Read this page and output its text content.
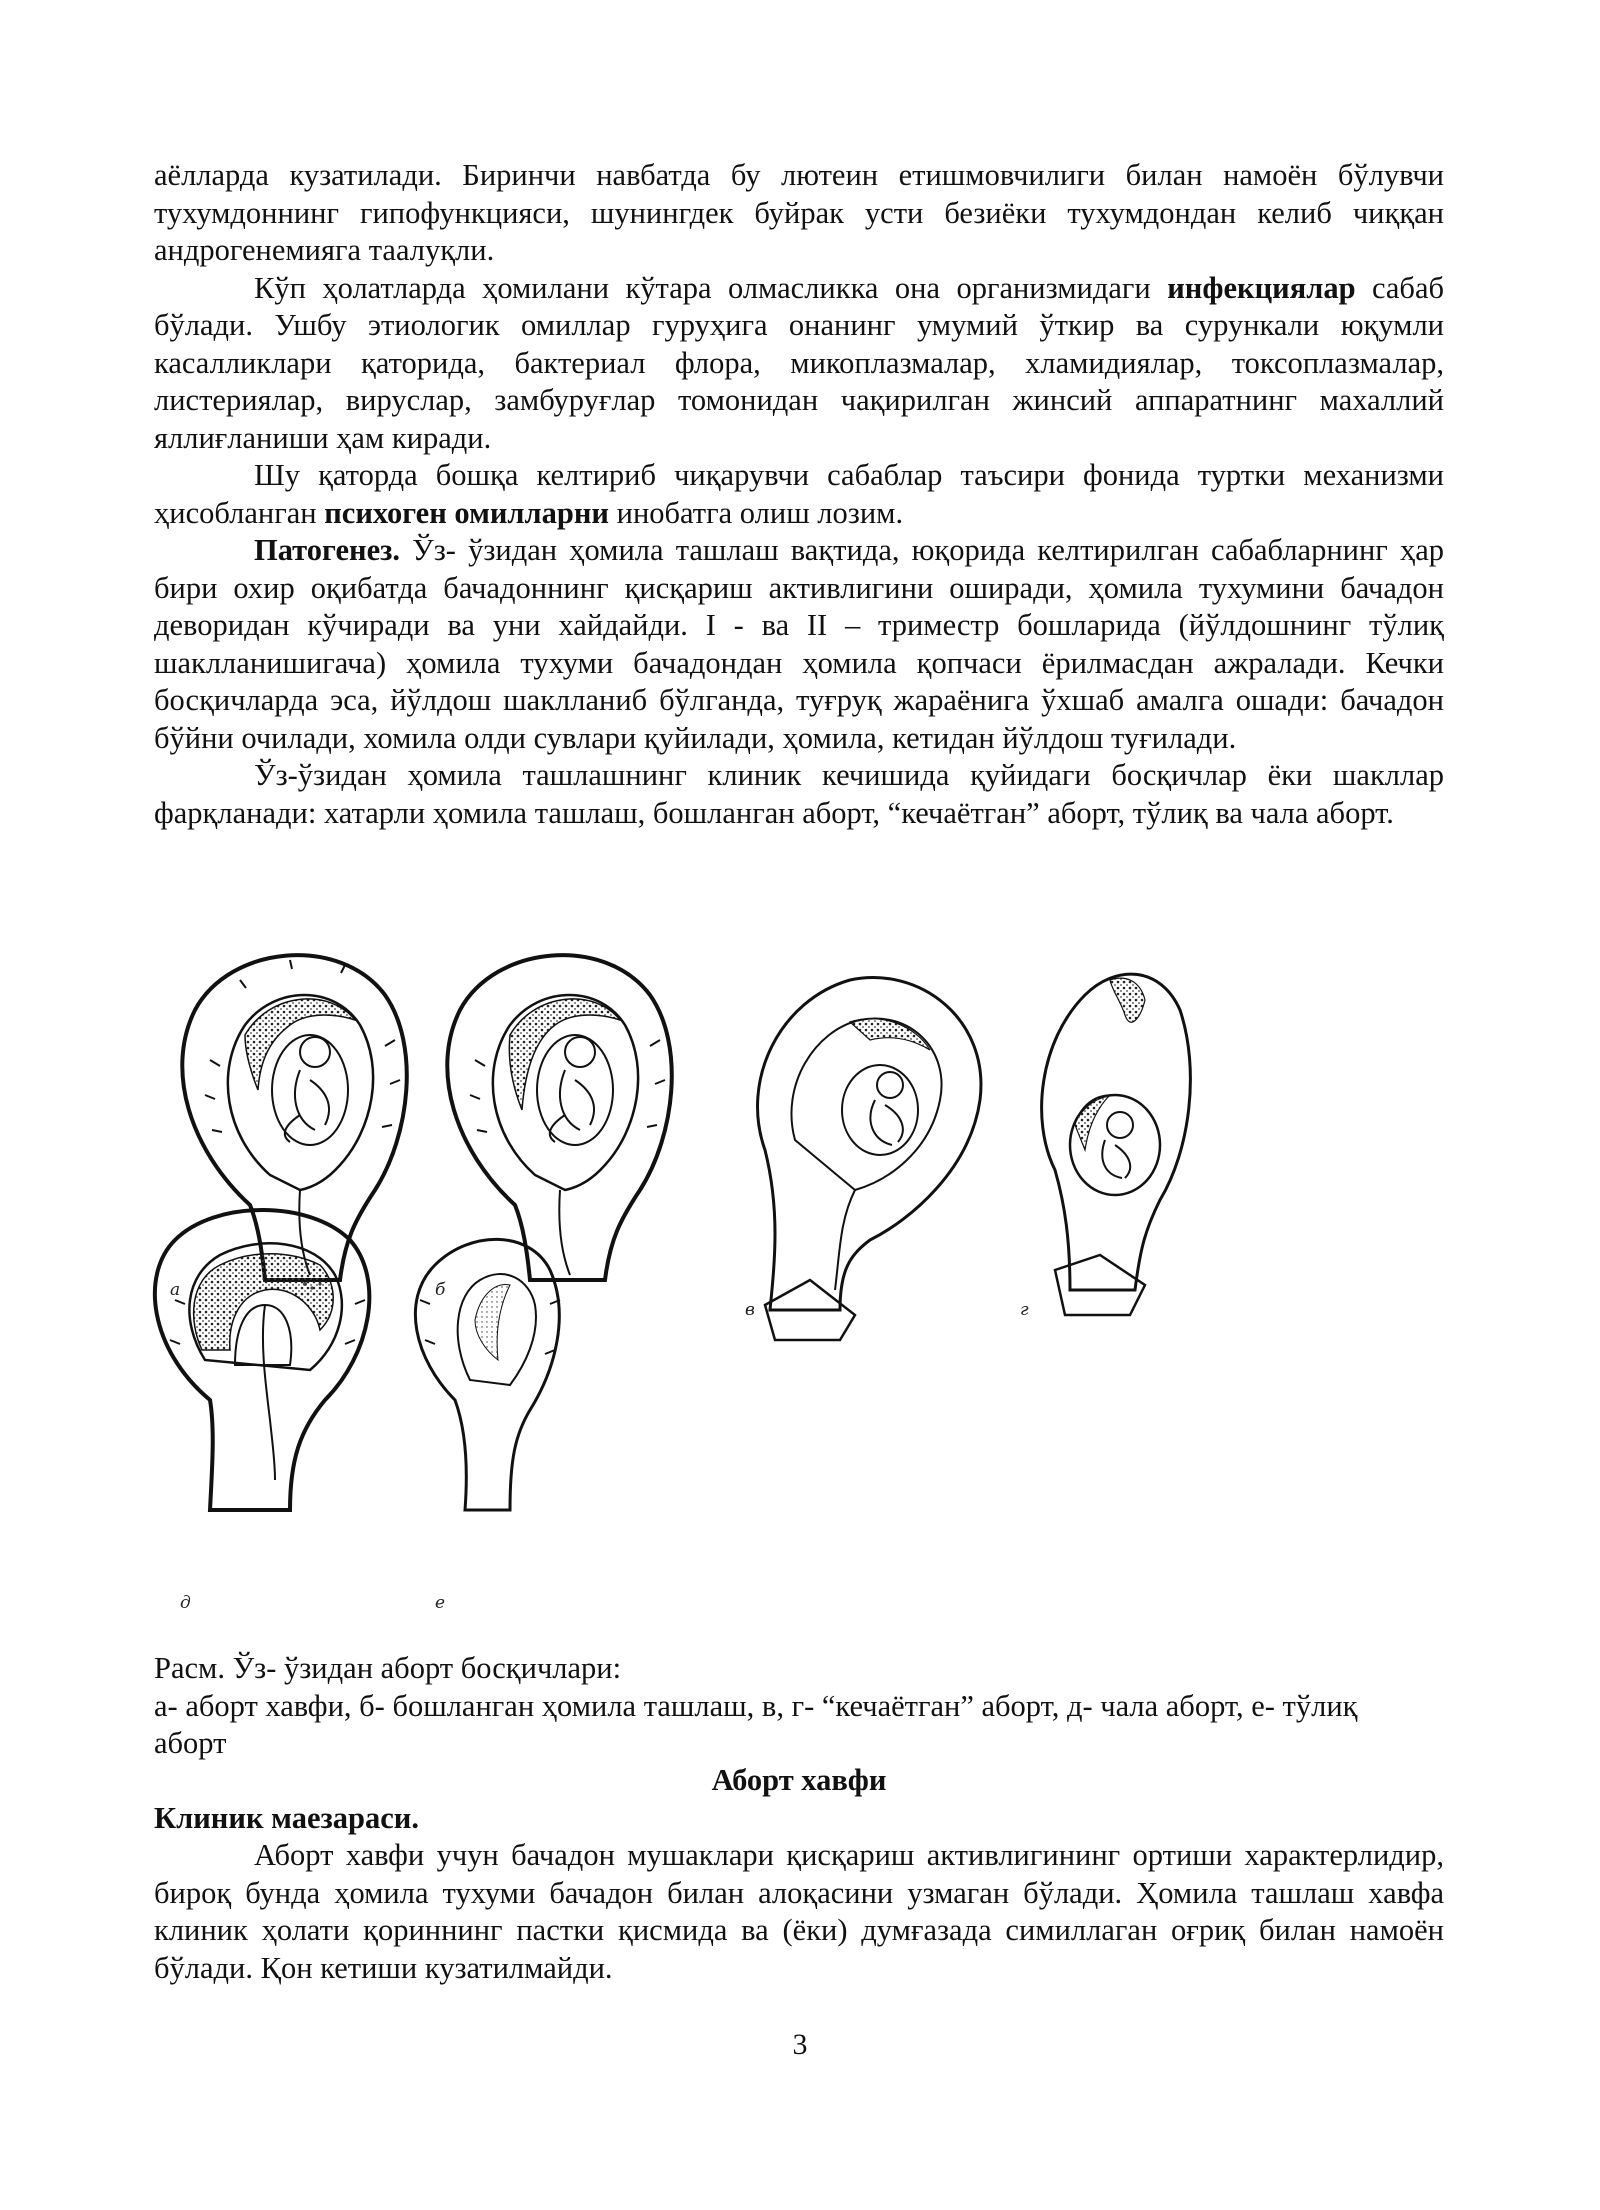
аёлларда кузатилади. Биринчи навбатда бу лютеин етишмовчилиги билан намоён бўлувчи тухумдоннинг гипофункцияси, шунингдек буйрак усти безиёки тухумдондан келиб чиққан андрогенемияга таалуқли.

Кўп ҳолатларда ҳомилани кўтара олмасликка она организмидаги инфекциялар сабаб бўлади. Ушбу этиологик омиллар гуруҳига онанинг умумий ўткир ва сурункали юқумли касалликлари қаторида, бактериал флора, микоплазмалар, хламидиялар, токсоплазмалар, листериялар, вируслар, замбуруғлар томонидан чақирилган жинсий аппаратнинг махаллий яллиғланиши ҳам киради.

Шу қаторда бошқа келтириб чиқарувчи сабаблар таъсири фонида туртки механизми ҳисобланган психоген омилларни инобатга олиш лозим.

Патогенез. Ўз- ўзидан ҳомила ташлаш вақтида, юқорида келтирилган сабабларнинг ҳар бири охир оқибатда бачадоннинг қисқариш активлигини оширади, ҳомила тухумини бачадон деворидан кўчиради ва уни хайдайди. I - ва II – триместр бошларида (йўлдошнинг тўлиқ шаклланишигача) ҳомила тухуми бачадондан ҳомила қопчаси ёрилмасдан ажралади. Кечки босқичларда эса, йўлдош шаклланиб бўлганда, туғруқ жараёнига ўхшаб амалга ошади: бачадон бўйни очилади, хомила олди сувлари қуйилади, ҳомила, кетидан йўлдош туғилади.

Ўз-ўзидан ҳомила ташлашнинг клиник кечишида қуйидаги босқичлар ёки шакллар фарқланади: хатарли ҳомила ташлаш, бошланган аборт, “кечаётган” аборт, тўлиқ ва чала аборт.

а	б
в	г
д	е

Расм. Ўз- ўзидан аборт босқичлари:

а- аборт хавфи, б- бошланган ҳомила ташлаш, в, г- “кечаётган” аборт, д- чала аборт, е- тўлиқ аборт

Аборт хавфи

Клиник маезараси.

Аборт хавфи учун бачадон мушаклари қисқариш активлигининг ортиши характерлидир, бироқ бунда ҳомила тухуми бачадон билан алоқасини узмаган бўлади. Ҳомила ташлаш хавфа клиник ҳолати қориннинг пастки қисмида ва (ёки) думғазада симиллаган оғриқ билан намоён бўлади. Қон кетиши кузатилмайди.

3
